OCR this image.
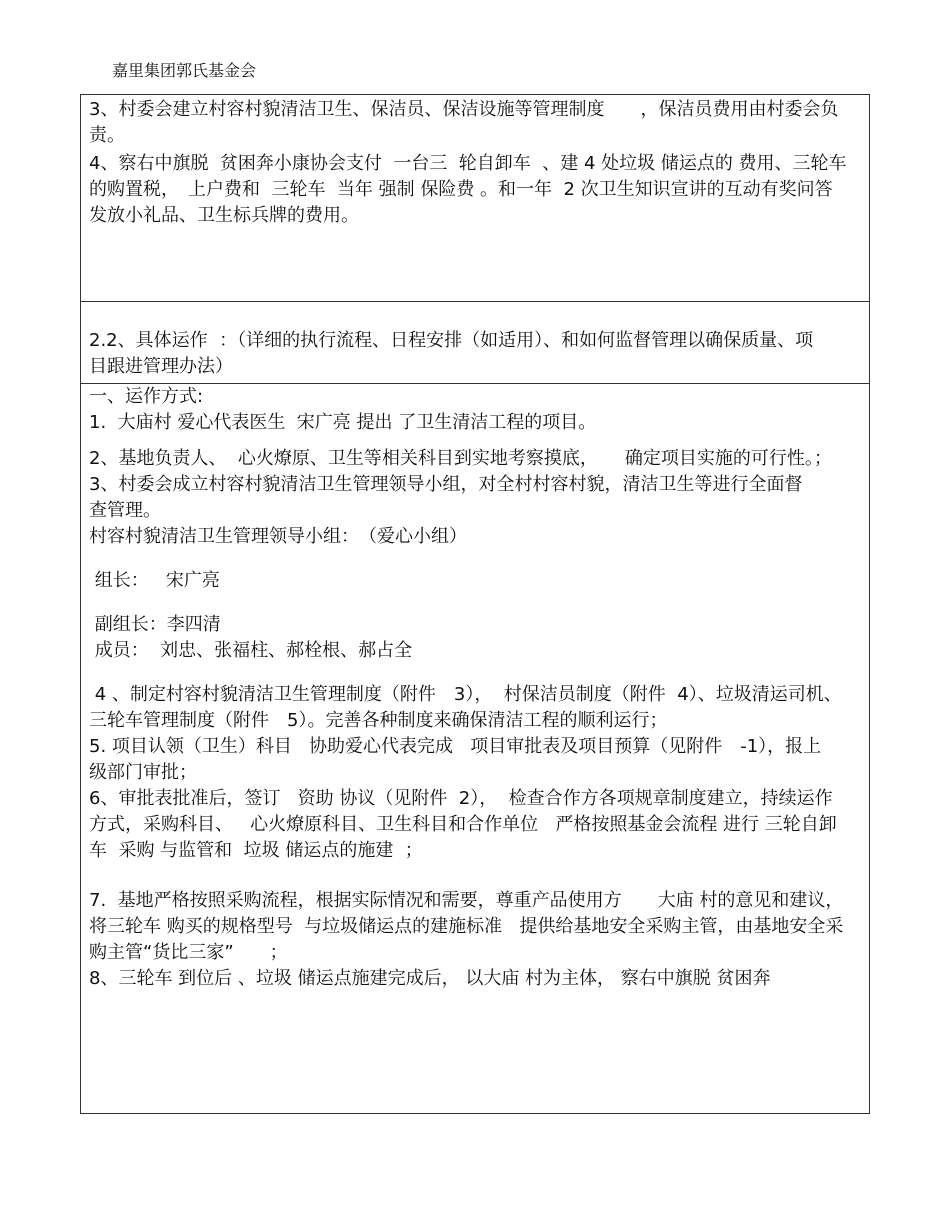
嘉里集团郭氏基金会

3、村委会建立村容村貌清洁卫生、保洁员、保洁设施等管理制度　　，保洁员费用由村委会负责。

4、察右中旗脱  贫困奔小康协会支付  一台三  轮自卸车  、建 4 处垃圾 储运点的 费用、三轮车的购置税，　上户费和  三轮车  当年 强制 保险费 。和一年  2 次卫生知识宣讲的互动有奖问答发放小礼品、卫生标兵牌的费用。

2.2、具体运作  ：（详细的执行流程、日程安排（如适用）、和如何监督管理以确保质量、项目跟进管理办法）

一、运作方式:

1.  大庙村 爱心代表医生  宋广亮 提出 了卫生清洁工程的项目。

2、基地负责人、  心火燎原、卫生等相关科目到实地考察摸底，　　确定项目实施的可行性。；

3、村委会成立村容村貌清洁卫生管理领导小组，对全村村容村貌，清洁卫生等进行全面督查管理。

村容村貌清洁卫生管理领导小组：　（爱心小组）

组长：   宋广亮

副组长：李四清

成员：  刘忠、张福柱、郝栓根、郝占全

4 、制定村容村貌清洁卫生管理制度（附件　3），  村保洁员制度（附件  4）、垃圾清运司机、三轮车管理制度（附件　5）。完善各种制度来确保清洁工程的顺利运行；

5. 项目认领（卫生）科目   协助爱心代表完成   项目审批表及项目预算（见附件　-1），报上级部门审批；

6、审批表批准后，签订   资助 协议（见附件  2），  检查合作方各项规章制度建立，持续运作方式，采购科目、   心火燎原科目、卫生科目和合作单位   严格按照基金会流程 进行 三轮自卸车  采购 与监管和  垃圾 储运点的施建  ；

7.  基地严格按照采购流程，根据实际情况和需要，尊重产品使用方　　大庙 村的意见和建议，  将三轮车 购买的规格型号  与垃圾储运点的建施标准   提供给基地安全采购主管，由基地安全采购主管“货比三家”　　；

8、三轮车 到位后 、垃圾 储运点施建完成后， 以大庙 村为主体， 察右中旗脱 贫困奔
